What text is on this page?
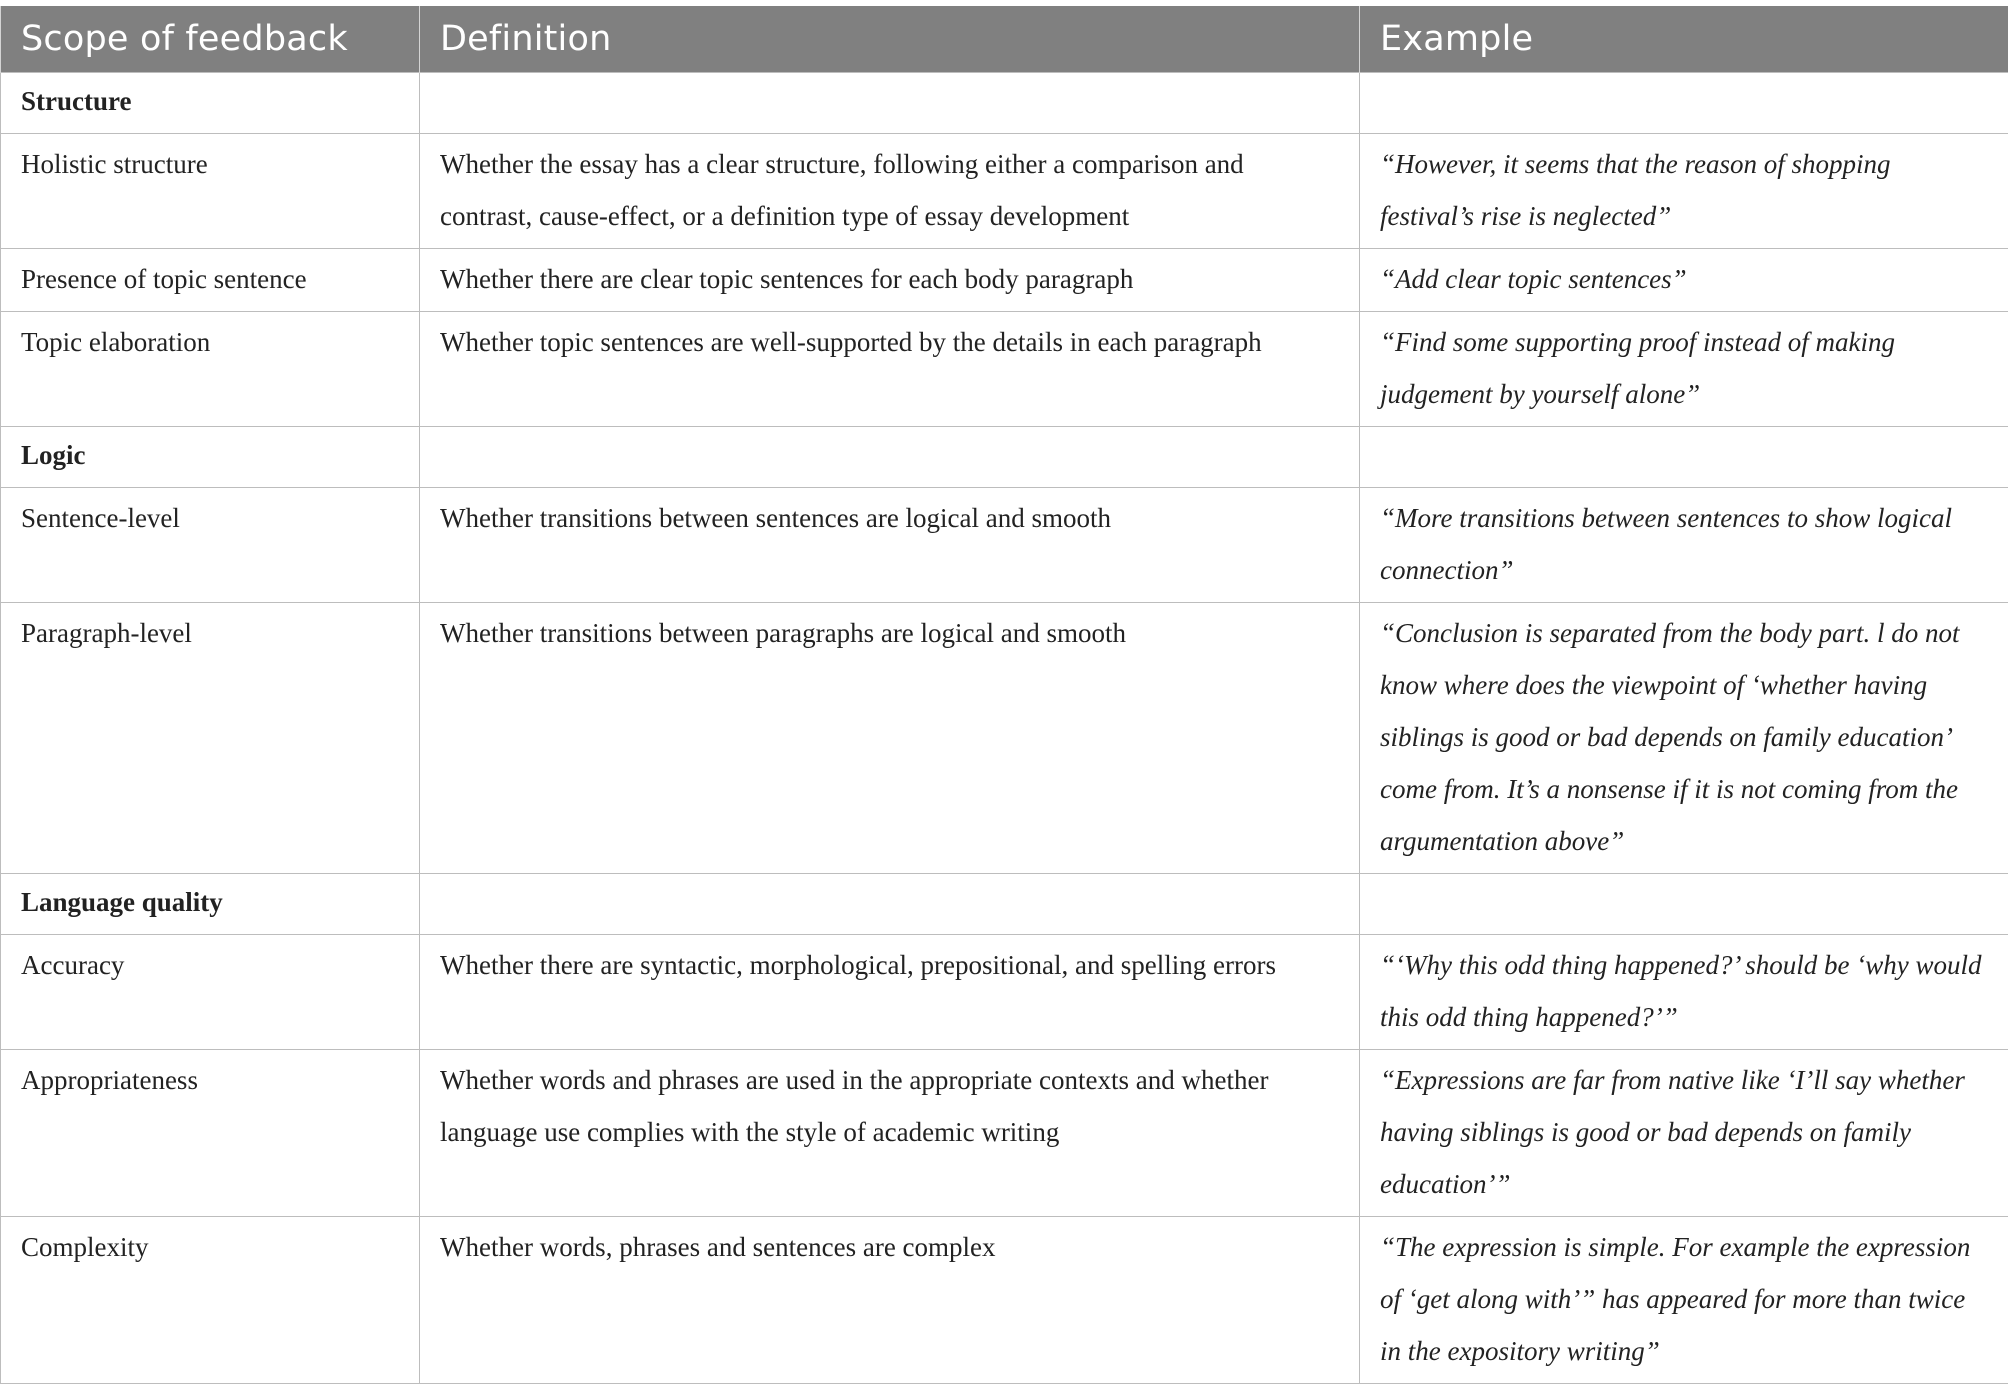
Scope of feedback	Definition	Example
Structure		
Holistic structure	Whether the essay has a clear structure, following either a comparison and contrast, cause-effect, or a definition type of essay development	“However, it seems that the reason of shopping festival’s rise is neglected”
Presence of topic sentence	Whether there are clear topic sentences for each body paragraph	“Add clear topic sentences”
Topic elaboration	Whether topic sentences are well-supported by the details in each paragraph	“Find some supporting proof instead of making judgement by yourself alone”
Logic		
Sentence-level	Whether transitions between sentences are logical and smooth	“More transitions between sentences to show logical connection”
Paragraph-level	Whether transitions between paragraphs are logical and smooth	“Conclusion is separated from the body part. l do not know where does the viewpoint of ‘whether having siblings is good or bad depends on family education’ come from. It’s a nonsense if it is not coming from the argumentation above”
Language quality		
Accuracy	Whether there are syntactic, morphological, prepositional, and spelling errors	“‘Why this odd thing happened?’ should be ‘why would this odd thing happened?’”
Appropriateness	Whether words and phrases are used in the appropriate contexts and whether language use complies with the style of academic writing	“Expressions are far from native like ‘I’ll say whether having siblings is good or bad depends on family education’”
Complexity	Whether words, phrases and sentences are complex	“The expression is simple. For example the expression of ‘get along with’” has appeared for more than twice in the expository writing”
